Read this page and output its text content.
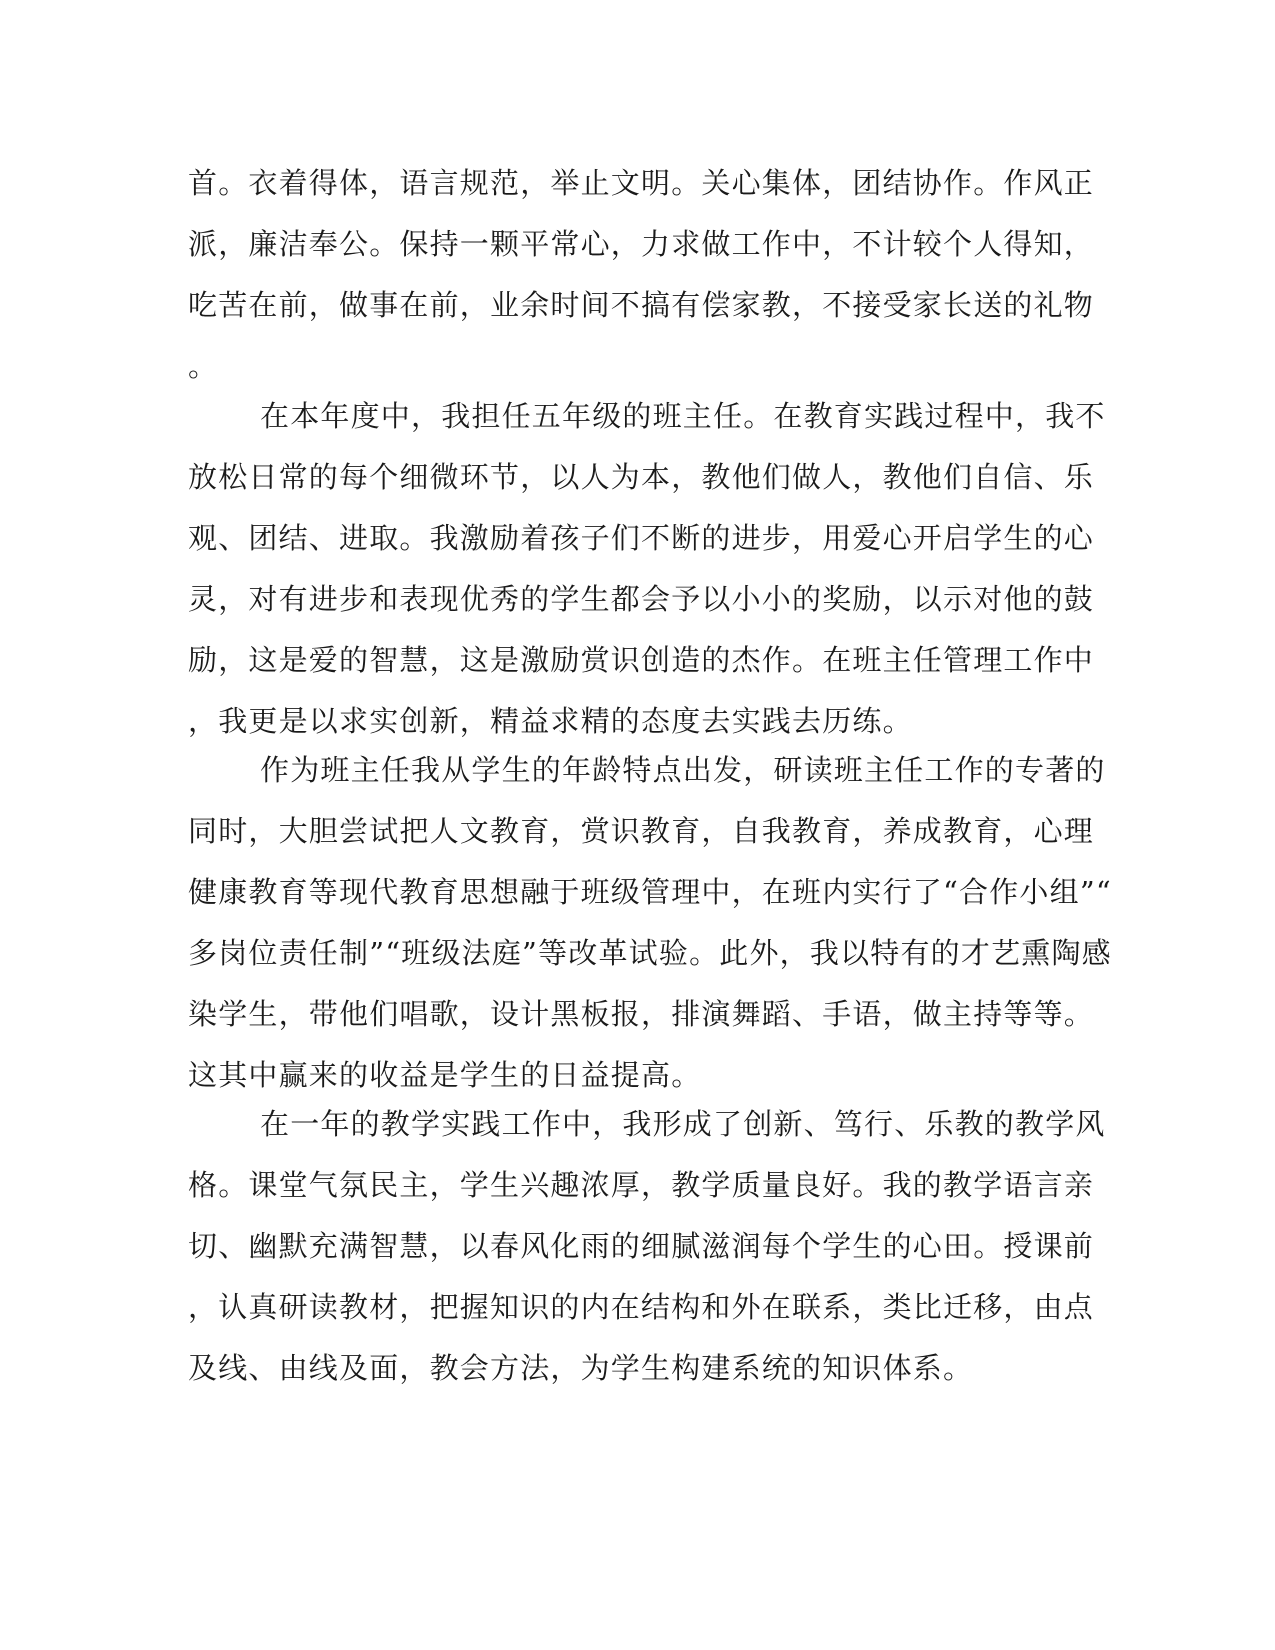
首。衣着得体，语言规范，举止文明。关心集体，团结协作。作风正
派，廉洁奉公。保持一颗平常心，力求做工作中，不计较个人得知，
吃苦在前，做事在前，业余时间不搞有偿家教，不接受家长送的礼物
。
在本年度中，我担任五年级的班主任。在教育实践过程中，我不
放松日常的每个细微环节，以人为本，教他们做人，教他们自信、乐
观、团结、进取。我激励着孩子们不断的进步，用爱心开启学生的心
灵，对有进步和表现优秀的学生都会予以小小的奖励，以示对他的鼓
励，这是爱的智慧，这是激励赏识创造的杰作。在班主任管理工作中
，我更是以求实创新，精益求精的态度去实践去历练。
作为班主任我从学生的年龄特点出发，研读班主任工作的专著的
同时，大胆尝试把人文教育，赏识教育，自我教育，养成教育，心理
健康教育等现代教育思想融于班级管理中，在班内实行了“合作小组”“
多岗位责任制”“班级法庭”等改革试验。此外，我以特有的才艺熏陶感
染学生，带他们唱歌，设计黑板报，排演舞蹈、手语，做主持等等。
这其中赢来的收益是学生的日益提高。
在一年的教学实践工作中，我形成了创新、笃行、乐教的教学风
格。课堂气氛民主，学生兴趣浓厚，教学质量良好。我的教学语言亲
切、幽默充满智慧，以春风化雨的细腻滋润每个学生的心田。授课前
，认真研读教材，把握知识的内在结构和外在联系，类比迁移，由点
及线、由线及面，教会方法，为学生构建系统的知识体系。
